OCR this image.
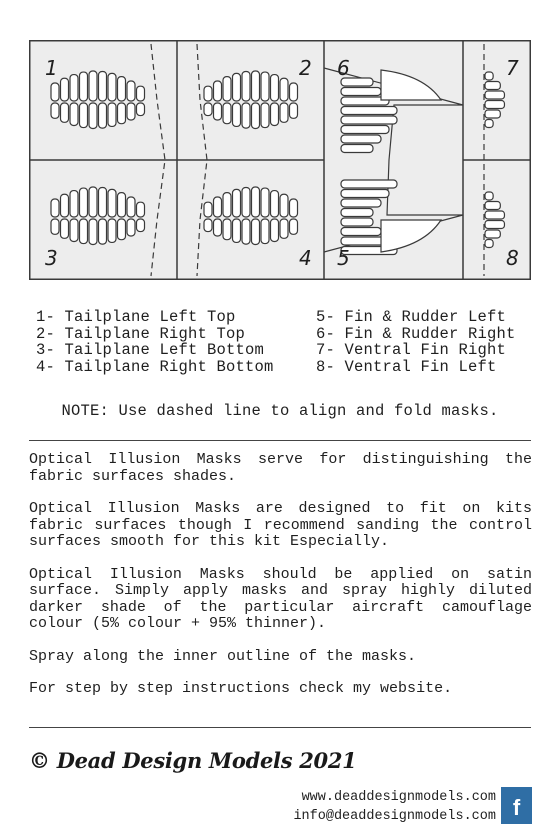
1	2 6	7
3	4 5	8
1- Tailplane Left Top
2- Tailplane Right Top
3- Tailplane Left Bottom
4- Tailplane Right Bottom
5- Fin & Rudder Left
6- Fin & Rudder Right
7- Ventral Fin Right
8- Ventral Fin Left
NOTE: Use dashed line to align and fold masks.

Optical Illusion Masks serve for distinguishing the fabric surfaces shades.

Optical Illusion Masks are designed to fit on kits fabric surfaces though I recommend sanding the control surfaces smooth for this kit Especially.

Optical Illusion Masks should be applied on satin surface. Simply apply masks and spray highly diluted darker shade of the particular aircraft camouflage colour (5% colour + 95% thinner).

Spray along the inner outline of the masks.

For step by step instructions check my website.

© Dead Design Models 2021
www.deaddesignmodels.com
info@deaddesignmodels.com f
